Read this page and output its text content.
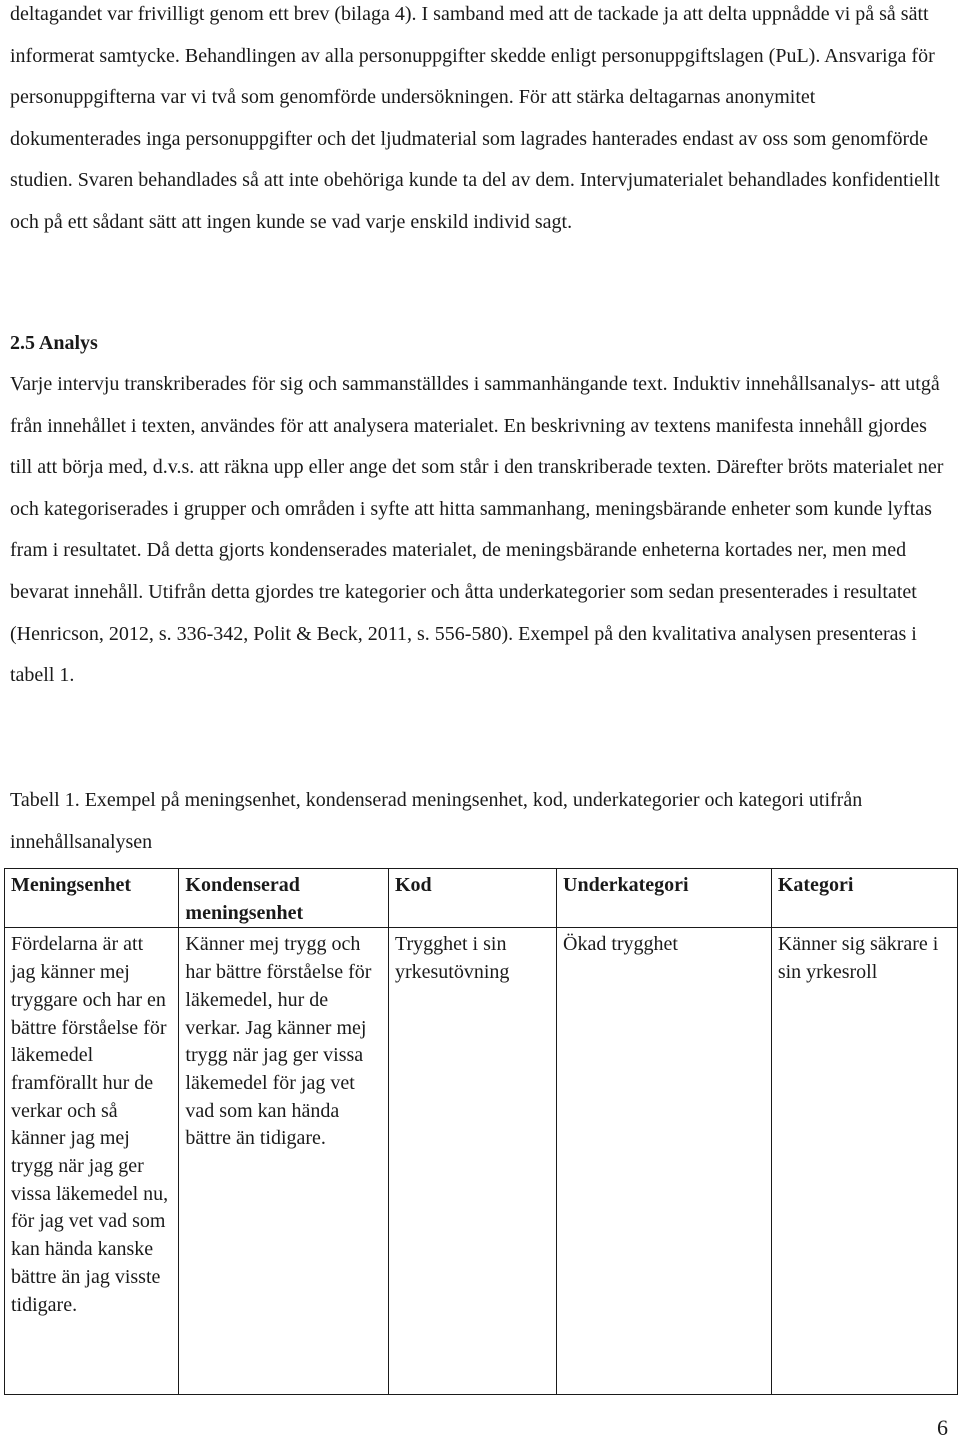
deltagandet var frivilligt genom ett brev (bilaga 4). I samband med att de tackade ja att delta uppnådde vi på så sätt informerat samtycke. Behandlingen av alla personuppgifter skedde enligt personuppgiftslagen (PuL). Ansvariga för personuppgifterna var vi två som genomförde undersökningen. För att stärka deltagarnas anonymitet dokumenterades inga personuppgifter och det ljudmaterial som lagrades hanterades endast av oss som genomförde studien. Svaren behandlades så att inte obehöriga kunde ta del av dem. Intervjumaterialet behandlades konfidentiellt och på ett sådant sätt att ingen kunde se vad varje enskild individ sagt.

2.5 Analys

Varje intervju transkriberades för sig och sammanställdes i sammanhängande text. Induktiv innehållsanalys- att utgå från innehållet i texten, användes för att analysera materialet. En beskrivning av textens manifesta innehåll gjordes till att börja med, d.v.s. att räkna upp eller ange det som står i den transkriberade texten. Därefter bröts materialet ner och kategoriserades i grupper och områden i syfte att hitta sammanhang, meningsbärande enheter som kunde lyftas fram i resultatet. Då detta gjorts kondenserades materialet, de meningsbärande enheterna kortades ner, men med bevarat innehåll. Utifrån detta gjordes tre kategorier och åtta underkategorier som sedan presenterades i resultatet (Henricson, 2012, s. 336-342, Polit & Beck, 2011, s. 556-580). Exempel på den kvalitativa analysen presenteras i tabell 1.

Tabell 1. Exempel på meningsenhet, kondenserad meningsenhet, kod, underkategorier och kategori utifrån innehållsanalysen

Meningsenhet	Kondenserad meningsenhet	Kod	Underkategori	Kategori
Fördelarna är att jag känner mej tryggare och har en bättre förståelse för läkemedel framförallt hur de verkar och så känner jag mej trygg när jag ger vissa läkemedel nu, för jag vet vad som kan hända kanske bättre än jag visste tidigare.	Känner mej trygg och har bättre förståelse för läkemedel, hur de verkar. Jag känner mej trygg när jag ger vissa läkemedel för jag vet vad som kan hända bättre än tidigare.	Trygghet i sin yrkesutövning	Ökad trygghet	Känner sig säkrare i sin yrkesroll
6
